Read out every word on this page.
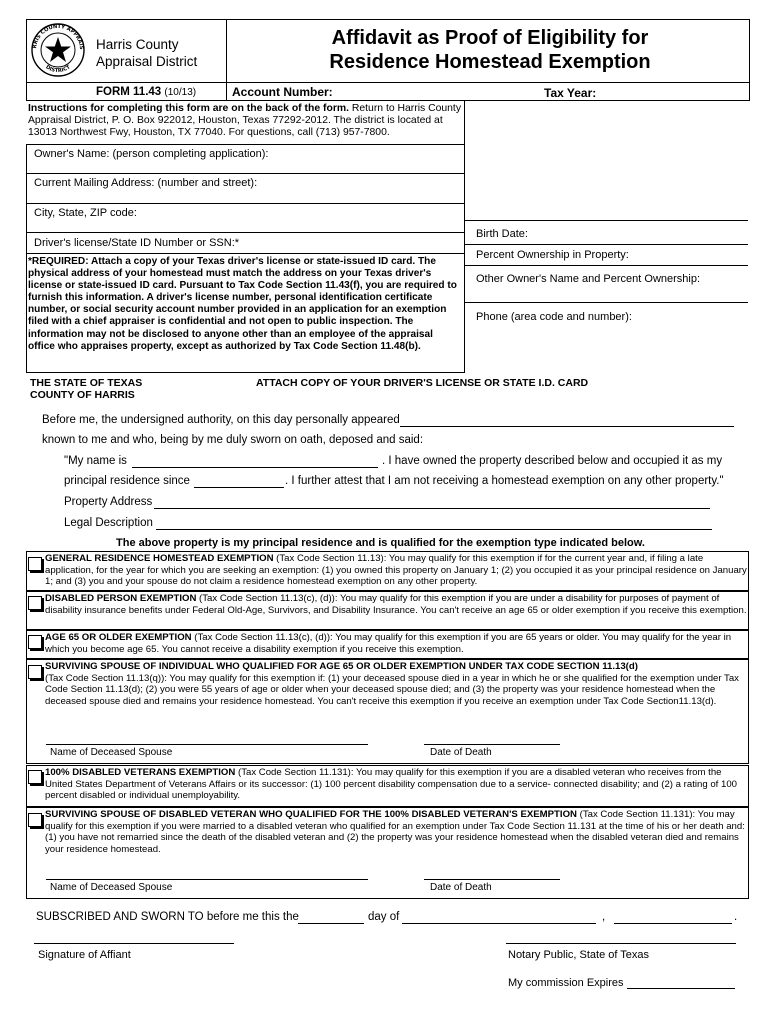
RRIS COUNTY APPRAIS
DISTRICT
Harris County
Appraisal District
Affidavit as Proof of Eligibility for
Residence Homestead Exemption
FORM 11.43 (10/13)	Account Number:	Tax Year:
Instructions for completing this form are on the back of the form. Return to Harris County Appraisal District, P. O. Box 922012, Houston, Texas 77292-2012. The district is located at 13013 Northwest Fwy, Houston, TX 77040. For questions, call (713) 957-7800.
Owner's Name: (person completing application):
Current Mailing Address: (number and street):
City, State, ZIP code:
Birth Date:
Driver's license/State ID Number or SSN:*
Percent Ownership in Property:
*REQUIRED: Attach a copy of your Texas driver's license or state-issued ID card. The physical address of your homestead must match the address on your Texas driver's license or state-issued ID card. Pursuant to Tax Code Section 11.43(f), you are required to furnish this information. A driver's license number, personal identification certificate number, or social security account number provided in an application for an exemption filed with a chief appraiser is confidential and not open to public inspection. The information may not be disclosed to anyone other than an employee of the appraisal office who appraises property, except as authorized by Tax Code Section 11.48(b).
Other Owner's Name and Percent Ownership:
Phone (area code and number):
THE STATE OF TEXAS
COUNTY OF HARRIS
ATTACH COPY OF YOUR DRIVER'S LICENSE OR STATE I.D. CARD
Before me, the undersigned authority, on this day personally appeared
known to me and who, being by me duly sworn on oath, deposed and said:
"My name is	. I have owned the property described below and occupied it as my
principal residence since	. I further attest that I am not receiving a homestead exemption on any other property."
Property Address
Legal Description
The above property is my principal residence and is qualified for the exemption type indicated below.
GENERAL RESIDENCE HOMESTEAD EXEMPTION (Tax Code Section 11.13): You may qualify for this exemption if for the current year and, if filing a late application, for the year for which you are seeking an exemption: (1) you owned this property on January 1; (2) you occupied it as your principal residence on January 1; and (3) you and your spouse do not claim a residence homestead exemption on any other property.
DISABLED PERSON EXEMPTION (Tax Code Section 11.13(c), (d)): You may qualify for this exemption if you are under a disability for purposes of payment of disability insurance benefits under Federal Old-Age, Survivors, and Disability Insurance. You can't receive an age 65 or older exemption if you receive this exemption.
AGE 65 OR OLDER EXEMPTION (Tax Code Section 11.13(c), (d)): You may qualify for this exemption if you are 65 years or older. You may qualify for the year in which you become age 65. You cannot receive a disability exemption if you receive this exemption.
SURVIVING SPOUSE OF INDIVIDUAL WHO QUALIFIED FOR AGE 65 OR OLDER EXEMPTION UNDER TAX CODE SECTION 11.13(d)
(Tax Code Section 11.13(q)): You may qualify for this exemption if: (1) your deceased spouse died in a year in which he or she qualified for the exemption under Tax Code Section 11.13(d); (2) you were 55 years of age or older when your deceased spouse died; and (3) the property was your residence homestead when the deceased spouse died and remains your residence homestead. You can't receive this exemption if you receive an exemption under Tax Code Section11.13(d).
Name of Deceased Spouse	Date of Death
100% DISABLED VETERANS EXEMPTION (Tax Code Section 11.131): You may qualify for this exemption if you are a disabled veteran who receives from the United States Department of Veterans Affairs or its successor: (1) 100 percent disability compensation due to a service- connected disability; and (2) a rating of 100 percent disabled or individual unemployability.
SURVIVING SPOUSE OF DISABLED VETERAN WHO QUALIFIED FOR THE 100% DISABLED VETERAN'S EXEMPTION (Tax Code Section 11.131): You may qualify for this exemption if you were married to a disabled veteran who qualified for an exemption under Tax Code Section 11.131 at the time of his or her death and: (1) you have not remarried since the death of the disabled veteran and (2) the property was your residence homestead when the disabled veteran died and remains your residence homestead.
Name of Deceased Spouse	Date of Death
SUBSCRIBED AND SWORN TO before me this the	day of	,	.
Signature of Affiant	Notary Public, State of Texas
My commission Expires
